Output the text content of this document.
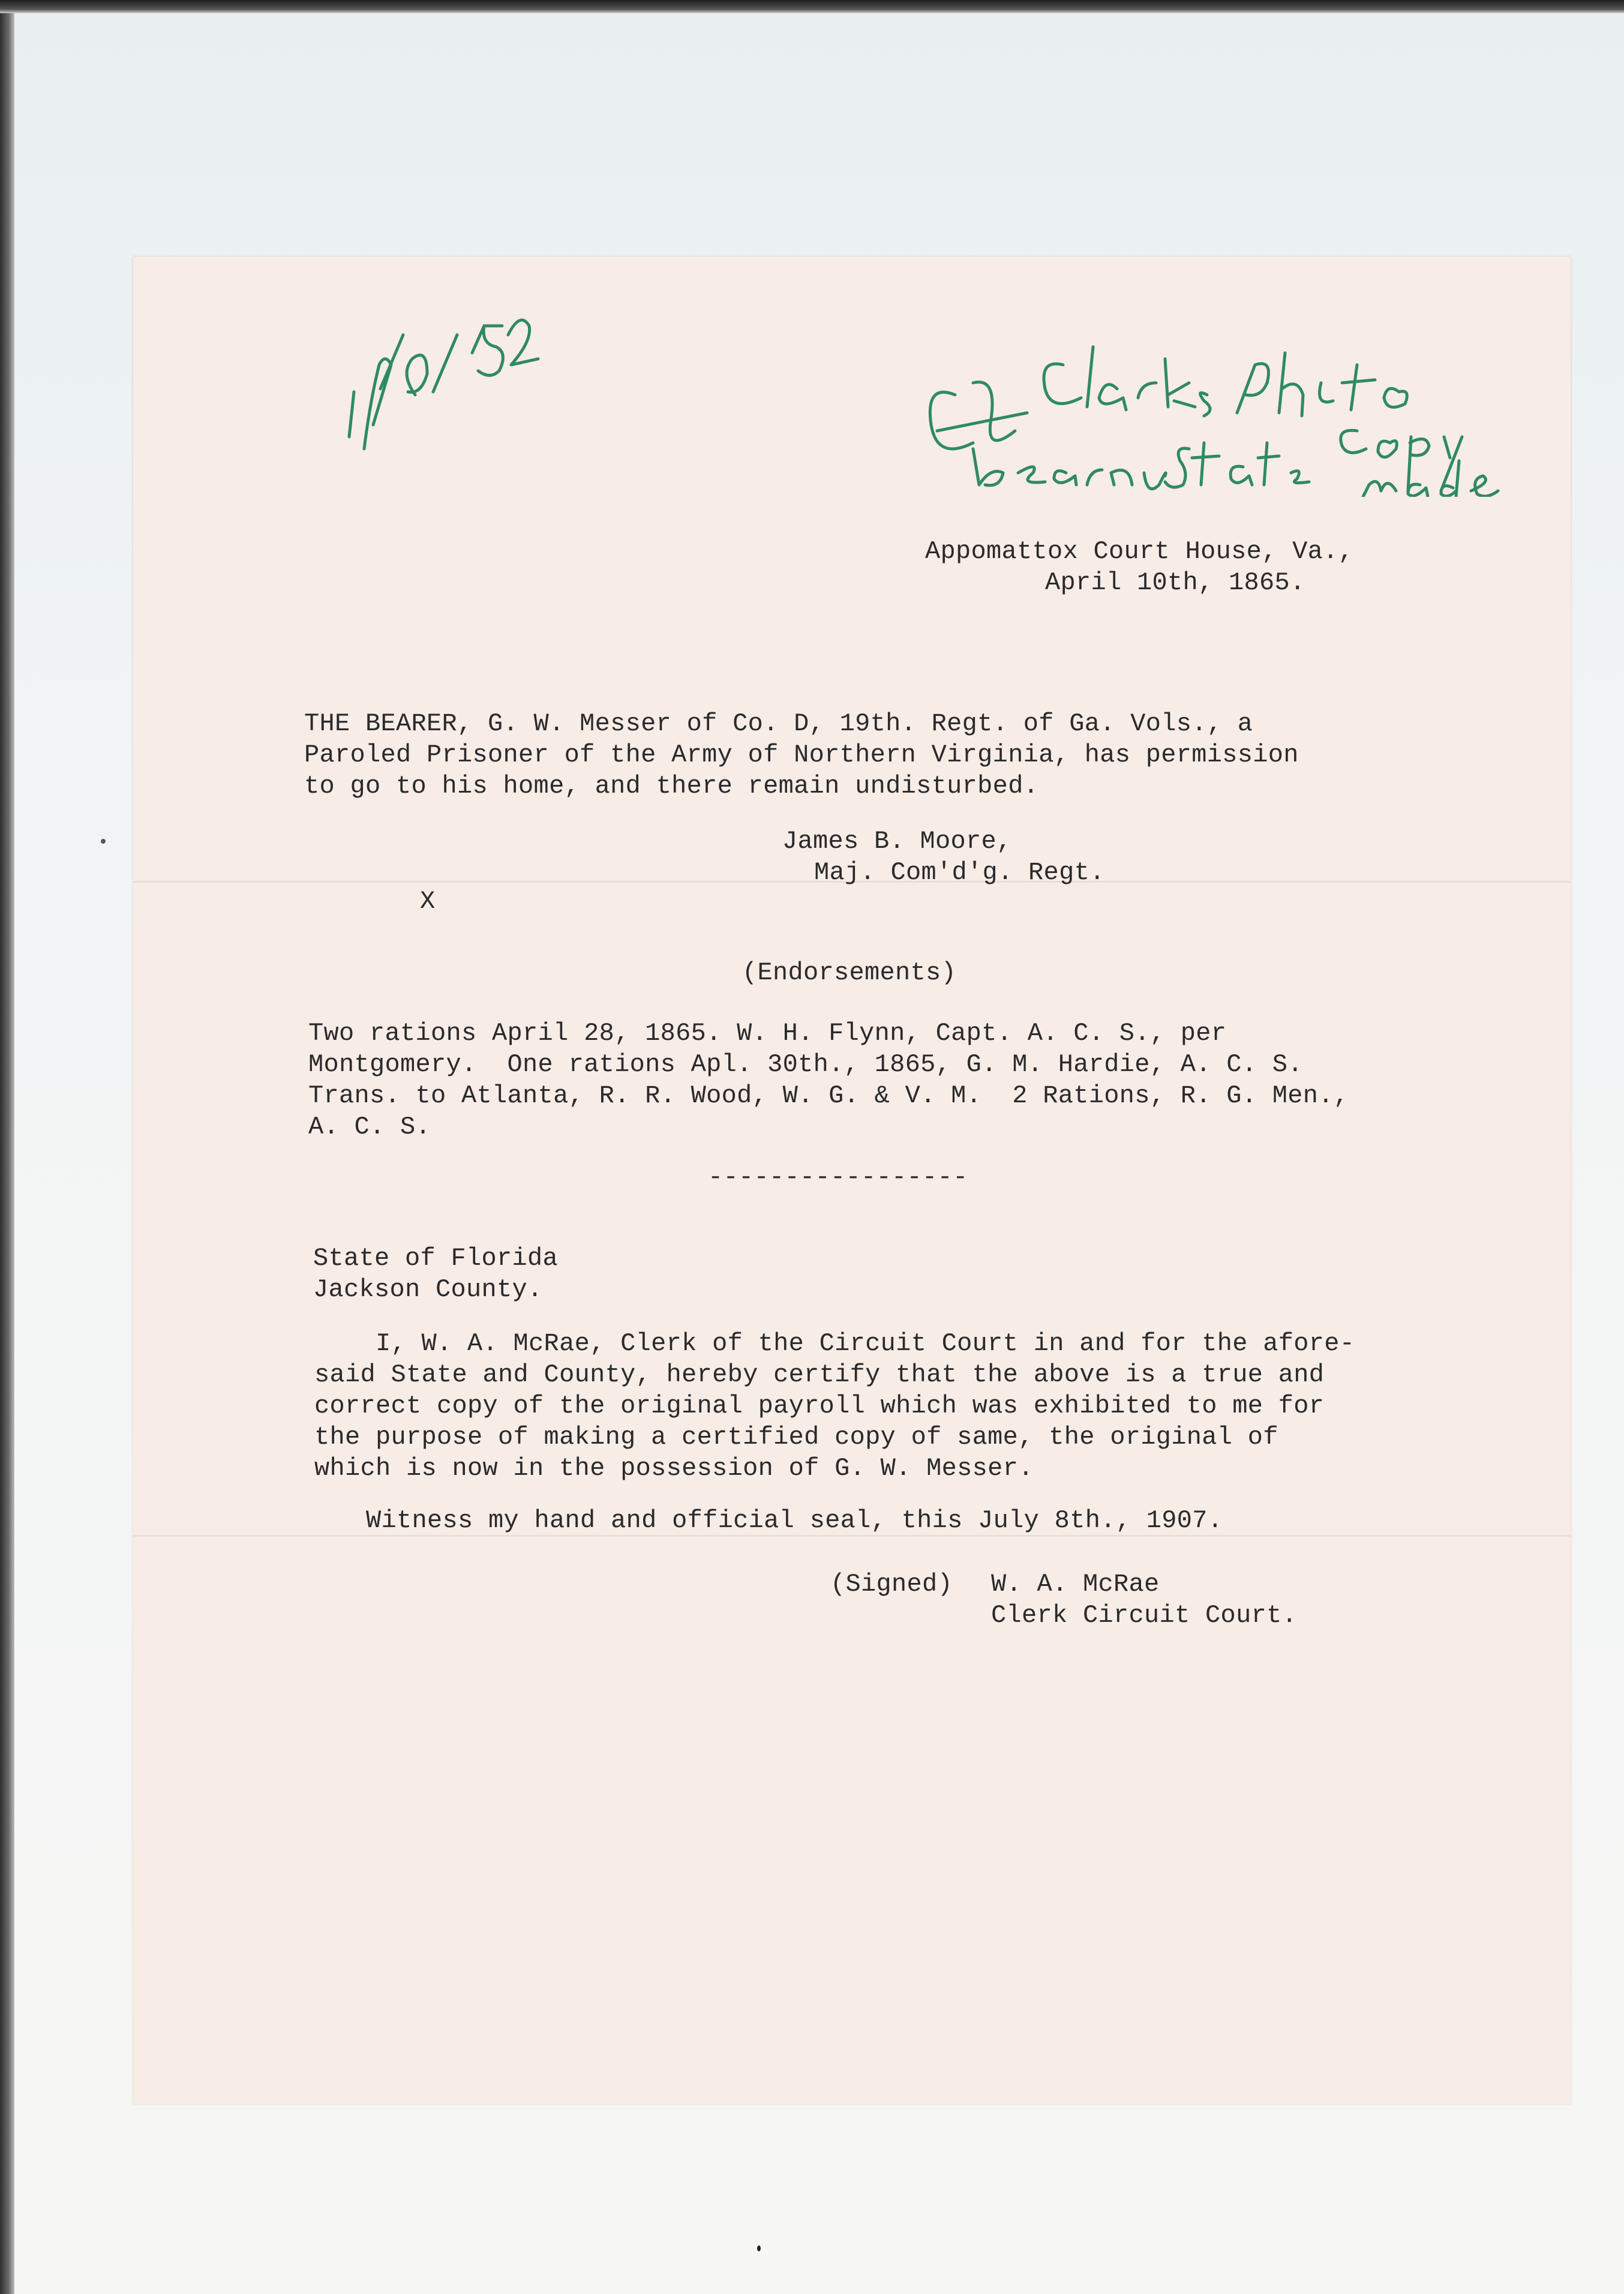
Appomattox Court House, Va.,
April 10th, 1865.
THE BEARER, G. W. Messer of Co. D, 19th. Regt. of Ga. Vols., a
Paroled Prisoner of the Army of Northern Virginia, has permission
to go to his home, and there remain undisturbed.
James B. Moore,
Maj. Com'd'g. Regt.
X
(Endorsements)
Two rations April 28, 1865. W. H. Flynn, Capt. A. C. S., per
Montgomery.  One rations Apl. 30th., 1865, G. M. Hardie, A. C. S.
Trans. to Atlanta, R. R. Wood, W. G. & V. M.  2 Rations, R. G. Men.,
A. C. S.
-----------------
State of Florida
Jackson County.
I, W. A. McRae, Clerk of the Circuit Court in and for the afore-
said State and County, hereby certify that the above is a true and
correct copy of the original payroll which was exhibited to me for
the purpose of making a certified copy of same, the original of
which is now in the possession of G. W. Messer.
Witness my hand and official seal, this July 8th., 1907.
(Signed) W. A. McRae
Clerk Circuit Court.
